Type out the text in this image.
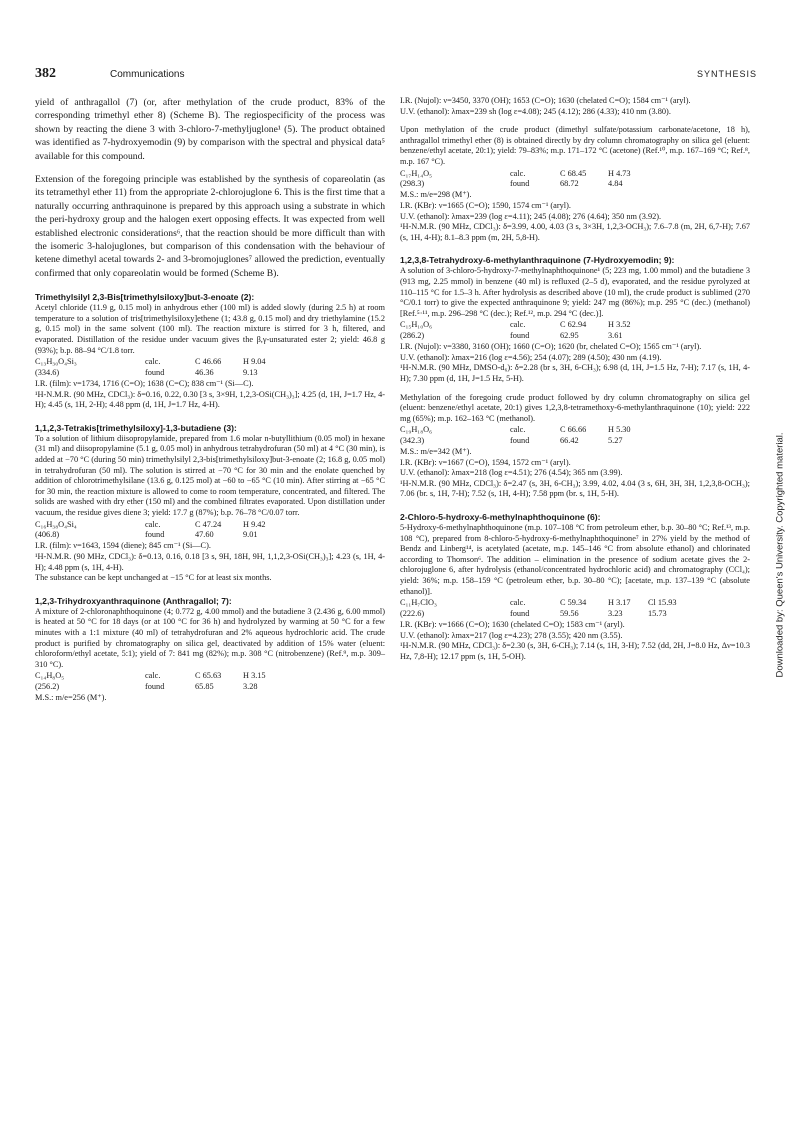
382	Communications	SYNTHESIS

yield of anthragallol (7) (or, after methylation of the crude product, 83% of the corresponding trimethyl ether 8) (Scheme B). The regiospecificity of the process was shown by reacting the diene 3 with 3-chloro-7-methyljuglone¹ (5). The product obtained was identified as 7-hydroxyemodin (9) by comparison with the spectral and physical data⁵ available for this compound.

Extension of the foregoing principle was established by the synthesis of copareolatin (as its tetramethyl ether 11) from the appropriate 2-chlorojuglone 6. This is the first time that a naturally occurring anthraquinone is prepared by this approach using a substrate in which the peri-hydroxy group and the halogen exert opposing effects. It was expected from well established electronic considerations⁶, that the reaction should be more difficult than with the isomeric 3-halojuglones, but comparison of this condensation with the behaviour of ketene dimethyl acetal towards 2- and 3-bromojuglones⁷ allowed the prediction, eventually confirmed that only copareolatin would be formed (Scheme B).

Trimethylsilyl 2,3-Bis[trimethylsiloxy]but-3-enoate (2):

Acetyl chloride (11.9 g, 0.15 mol) in anhydrous ether (100 ml) is added slowly (during 2.5 h) at room temperature to a solution of tris[trimethylsiloxy]ethene (1; 43.8 g, 0.15 mol) and dry triethylamine (15.2 g, 0.15 mol) in the same solvent (100 ml). The reaction mixture is stirred for 3 h, filtered, and evaporated. Distillation of the residue under vacuum gives the β,γ-unsaturated ester 2; yield: 46.8 g (93%); b.p. 88–94 °C/1.8 torr.

C₁₃H₃₀O₄Si₃	calc.	C 46.66	H 9.04
(334.6)	found	46.36	9.13

I.R. (film): ν=1734, 1716 (C=O); 1638 (C=C); 838 cm⁻¹ (Si—C).

¹H-N.M.R. (90 MHz, CDCl₃): δ=0.16, 0.22, 0.30 [3 s, 3×9H, 1,2,3-OSi(CH₃)₃]; 4.25 (d, 1H, J=1.7 Hz, 4-H); 4.45 (s, 1H, 2-H); 4.48 ppm (d, 1H, J=1.7 Hz, 4-H).

1,1,2,3-Tetrakis[trimethylsiloxy]-1,3-butadiene (3):

To a solution of lithium diisopropylamide, prepared from 1.6 molar n-butyllithium (0.05 mol) in hexane (31 ml) and diisopropylamine (5.1 g, 0.05 mol) in anhydrous tetrahydrofuran (50 ml) at 4 °C (30 min), is added at −70 °C (during 50 min) trimethylsilyl 2,3-bis[trimethylsiloxy]but-3-enoate (2; 16.8 g, 0.05 mol) in tetrahydrofuran (50 ml). The solution is stirred at −70 °C for 30 min and the enolate quenched by addition of chlorotrimethylsilane (13.6 g, 0.125 mol) at −60 to −65 °C (10 min). After stirring at −65 °C for 30 min, the reaction mixture is allowed to come to room temperature, concentrated, and filtered. The solids are washed with dry ether (150 ml) and the combined filtrates evaporated. Upon distillation under vacuum, the residue gives diene 3; yield: 17.7 g (87%); b.p. 76–78 °C/0.07 torr.

C₁₆H₃₈O₄Si₄	calc.	C 47.24	H 9.42
(406.8)	found	47.60	9.01

I.R. (film): ν=1643, 1594 (diene); 845 cm⁻¹ (Si—C).

¹H-N.M.R. (90 MHz, CDCl₃): δ=0.13, 0.16, 0.18 [3 s, 9H, 18H, 9H, 1,1,2,3-OSi(CH₃)₃]; 4.23 (s, 1H, 4-H); 4.48 ppm (s, 1H, 4-H).

The substance can be kept unchanged at −15 °C for at least six months.

1,2,3-Trihydroxyanthraquinone (Anthragallol; 7):

A mixture of 2-chloronaphthoquinone (4; 0.772 g, 4.00 mmol) and the butadiene 3 (2.436 g, 6.00 mmol) is heated at 50 °C for 18 days (or at 100 °C for 36 h) and hydrolyzed by warming at 50 °C for a few minutes with a 1:1 mixture (40 ml) of tetrahydrofuran and 2% aqueous hydrochloric acid. The crude product is purified by chromatography on silica gel, deactivated by addition of 15% water (eluent: chloroform/ethyl acetate, 5:1); yield of 7: 841 mg (82%); m.p. 308 °C (nitrobenzene) (Ref.⁹, m.p. 309–310 °C).

C₁₄H₈O₅	calc.	C 65.63	H 3.15
(256.2)	found	65.85	3.28

M.S.: m/e=256 (M⁺).

I.R. (Nujol): ν=3450, 3370 (OH); 1653 (C=O); 1630 (chelated C=O); 1584 cm⁻¹ (aryl).

U.V. (ethanol): λmax=239 sh (log ε=4.08); 245 (4.12); 286 (4.33); 410 nm (3.80).

Upon methylation of the crude product (dimethyl sulfate/potassium carbonate/acetone, 18 h), anthragallol trimethyl ether (8) is obtained directly by dry column chromatography on silica gel (eluent: benzene/ethyl acetate, 20:1); yield: 79–83%; m.p. 171–172 °C (acetone) (Ref.¹⁰, m.p. 167–169 °C; Ref.⁸, m.p. 167 °C).

C₁₇H₁₄O₅	calc.	C 68.45	H 4.73
(298.3)	found	68.72	4.84

M.S.: m/e=298 (M⁺).

I.R. (KBr): ν=1665 (C=O); 1590, 1574 cm⁻¹ (aryl).

U.V. (ethanol): λmax=239 (log ε=4.11); 245 (4.08); 276 (4.64); 350 nm (3.92).

¹H-N.M.R. (90 MHz, CDCl₃): δ=3.99, 4.00, 4.03 (3 s, 3×3H, 1,2,3-OCH₃); 7.6–7.8 (m, 2H, 6,7-H); 7.67 (s, 1H, 4-H); 8.1–8.3 ppm (m, 2H, 5,8-H).

1,2,3,8-Tetrahydroxy-6-methylanthraquinone (7-Hydroxyemodin; 9):

A solution of 3-chloro-5-hydroxy-7-methylnaphthoquinone¹ (5; 223 mg, 1.00 mmol) and the butadiene 3 (913 mg, 2.25 mmol) in benzene (40 ml) is refluxed (2–5 d), evaporated, and the residue pyrolyzed at 110–115 °C for 1.5–3 h. After hydrolysis as described above (10 ml), the crude product is sublimed (270 °C/0.1 torr) to give the expected anthraquinone 9; yield: 247 mg (86%); m.p. 295 °C (dec.) (methanol) [Ref.⁵·¹¹, m.p. 296–298 °C (dec.); Ref.¹², m.p. 294 °C (dec.)].

C₁₅H₁₀O₆	calc.	C 62.94	H 3.52
(286.2)	found	62.95	3.61

I.R. (Nujol): ν=3380, 3160 (OH); 1660 (C=O); 1620 (br, chelated C=O); 1565 cm⁻¹ (aryl).

U.V. (ethanol): λmax=216 (log ε=4.56); 254 (4.07); 289 (4.50); 430 nm (4.19).

¹H-N.M.R. (90 MHz, DMSO-d₆): δ=2.28 (br s, 3H, 6-CH₃); 6.98 (d, 1H, J=1.5 Hz, 7-H); 7.17 (s, 1H, 4-H); 7.30 ppm (d, 1H, J=1.5 Hz, 5-H).

Methylation of the foregoing crude product followed by dry column chromatography on silica gel (eluent: benzene/ethyl acetate, 20:1) gives 1,2,3,8-tetramethoxy-6-methylanthraquinone (10); yield: 222 mg (65%); m.p. 162–163 °C (methanol).

C₁₉H₁₈O₆	calc.	C 66.66	H 5.30
(342.3)	found	66.42	5.27

M.S.: m/e=342 (M⁺).

I.R. (KBr): ν=1667 (C=O), 1594, 1572 cm⁻¹ (aryl).

U.V. (ethanol): λmax=218 (log ε=4.51); 276 (4.54); 365 nm (3.99).

¹H-N.M.R. (90 MHz, CDCl₃): δ=2.47 (s, 3H, 6-CH₃); 3.99, 4.02, 4.04 (3 s, 6H, 3H, 3H, 1,2,3,8-OCH₃); 7.06 (br. s, 1H, 7-H); 7.52 (s, 1H, 4-H); 7.58 ppm (br. s, 1H, 5-H).

2-Chloro-5-hydroxy-6-methylnaphthoquinone (6):

5-Hydroxy-6-methylnaphthoquinone (m.p. 107–108 °C from petroleum ether, b.p. 30–80 °C; Ref.¹³, m.p. 108 °C), prepared from 8-chloro-5-hydroxy-6-methylnaphthoquinone⁷ in 27% yield by the method of Bendz and Linberg¹⁴, is acetylated (acetate, m.p. 145–146 °C from absolute ethanol) and chlorinated according to Thomson⁶. The addition – elimination in the presence of sodium acetate gives the 2-chlorojuglone 6, after hydrolysis (ethanol/concentrated hydrochloric acid) and chromatography (CCl₄); yield: 36%; m.p. 158–159 °C (petroleum ether, b.p. 30–80 °C); [acetate, m.p. 137–139 °C (absolute ethanol)].

C₁₁H₇ClO₃	calc.	C 59.34	H 3.17	Cl 15.93
(222.6)	found	59.56	3.23	15.73

I.R. (KBr): ν=1666 (C=O); 1630 (chelated C=O); 1583 cm⁻¹ (aryl).

U.V. (ethanol): λmax=217 (log ε=4.23); 278 (3.55); 420 nm (3.55).

¹H-N.M.R. (90 MHz, CDCl₃): δ=2.30 (s, 3H, 6-CH₃); 7.14 (s, 1H, 3-H); 7.52 (dd, 2H, J=8.0 Hz, Δν=10.3 Hz, 7,8-H); 12.17 ppm (s, 1H, 5-OH).	Downloaded by: Queen's University. Copyrighted material.
